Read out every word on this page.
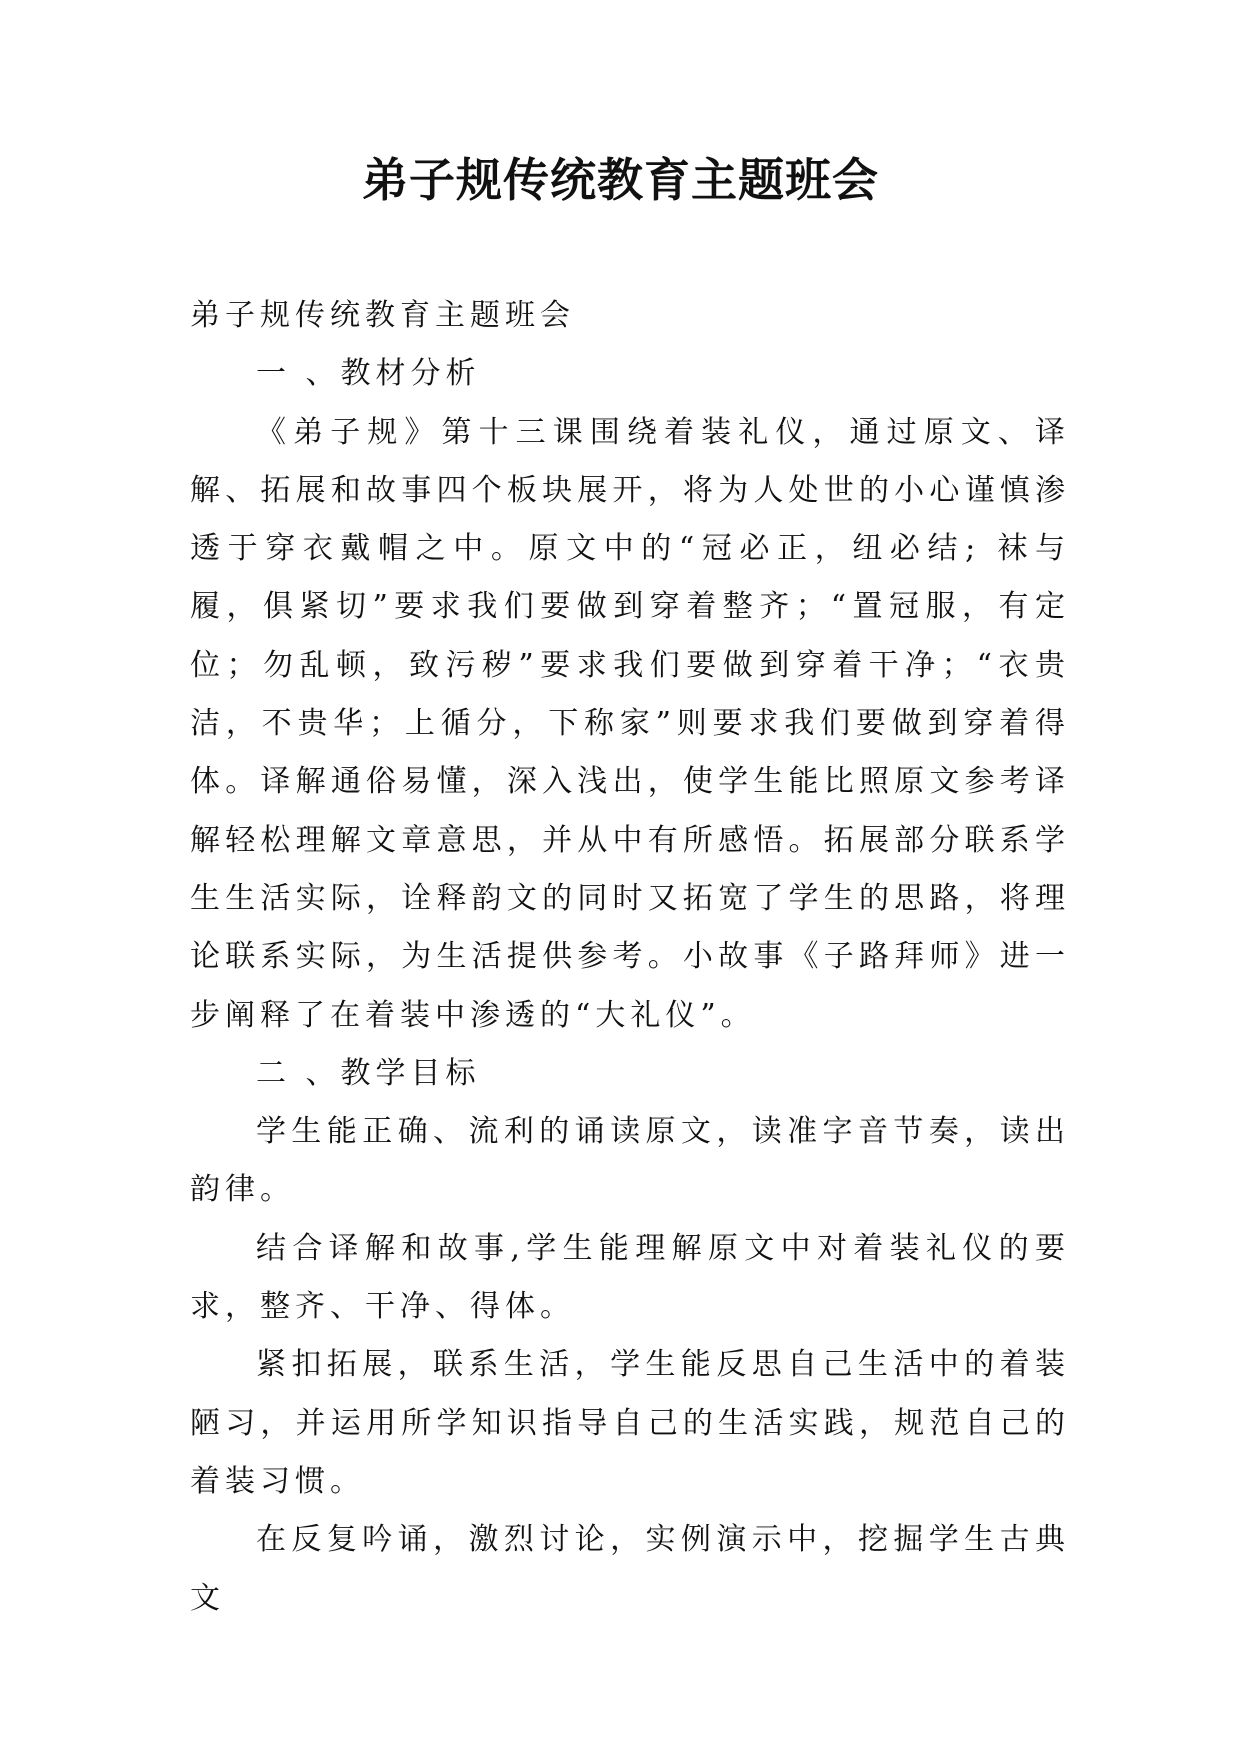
弟子规传统教育主题班会

弟子规传统教育主题班会

一 、教材分析

《弟子规》第十三课围绕着装礼仪，通过原文、译解、拓展和故事四个板块展开，将为人处世的小心谨慎渗透于穿衣戴帽之中。原文中的“冠必正，纽必结; 袜与履，俱紧切”要求我们要做到穿着整齐；“置冠服，有定位；勿乱顿，致污秽”要求我们要做到穿着干净；“衣贵洁，不贵华；上循分，下称家”则要求我们要做到穿着得体。译解通俗易懂，深入浅出，使学生能比照原文参考译解轻松理解文章意思，并从中有所感悟。拓展部分联系学生生活实际，诠释韵文的同时又拓宽了学生的思路，将理论联系实际，为生活提供参考。小故事《子路拜师》进一步阐释了在着装中渗透的“大礼仪”。

二 、教学目标

学生能正确、流利的诵读原文，读准字音节奏，读出韵律。

结合译解和故事,学生能理解原文中对着装礼仪的要求，整齐、干净、得体。

紧扣拓展，联系生活，学生能反思自己生活中的着装陋习，并运用所学知识指导自己的生活实践，规范自己的着装习惯。

在反复吟诵，激烈讨论，实例演示中，挖掘学生古典文
